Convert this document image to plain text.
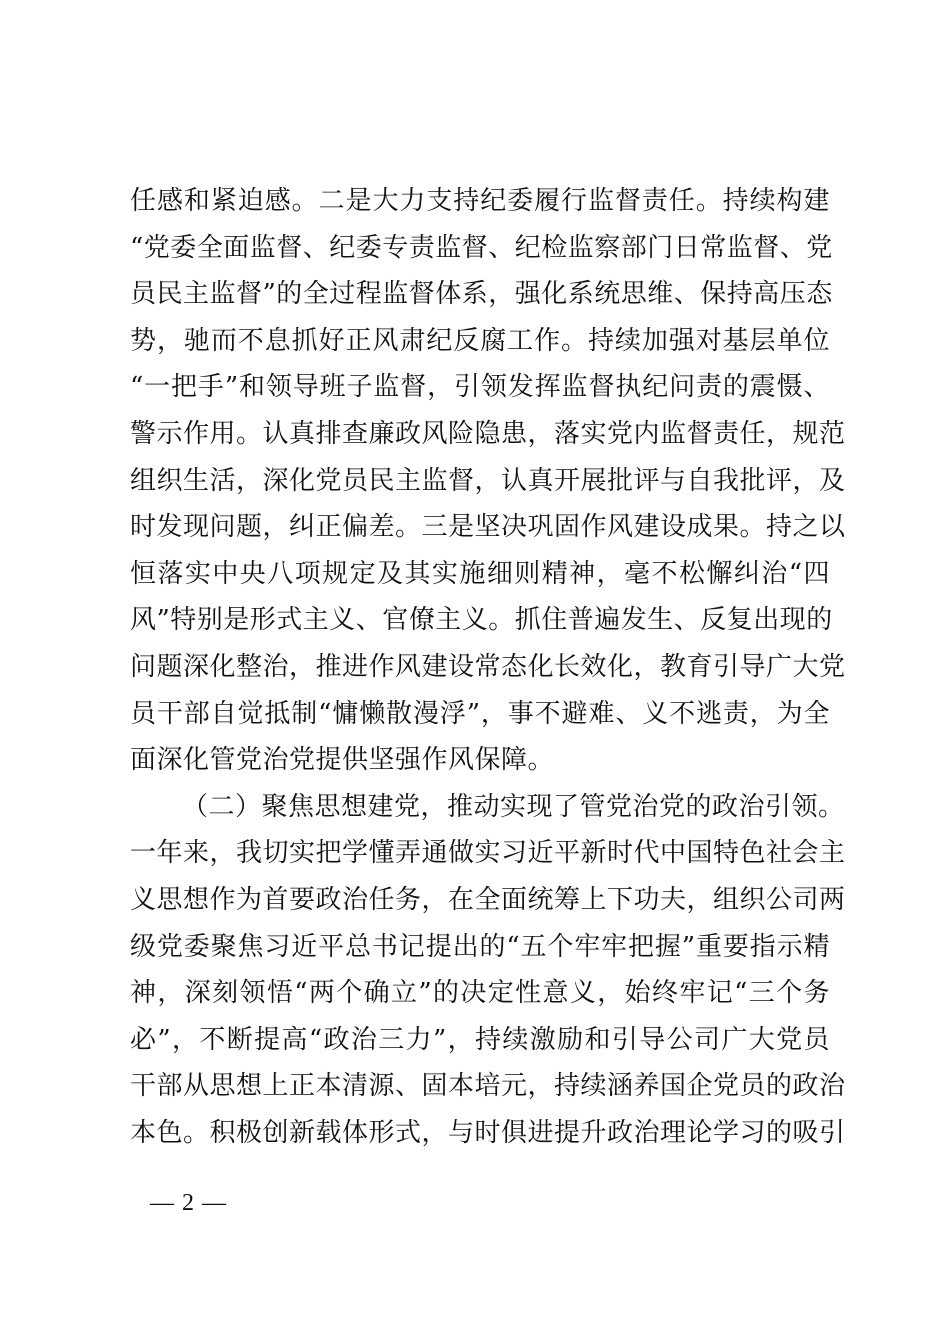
任感和紧迫感。二是大力支持纪委履行监督责任。持续构建
“党委全面监督、纪委专责监督、纪检监察部门日常监督、党
员民主监督”的全过程监督体系，强化系统思维、保持高压态
势，驰而不息抓好正风肃纪反腐工作。持续加强对基层单位
“一把手”和领导班子监督，引领发挥监督执纪问责的震慑、
警示作用。认真排查廉政风险隐患，落实党内监督责任，规范
组织生活，深化党员民主监督，认真开展批评与自我批评，及
时发现问题，纠正偏差。三是坚决巩固作风建设成果。持之以
恒落实中央八项规定及其实施细则精神，毫不松懈纠治“四
风”特别是形式主义、官僚主义。抓住普遍发生、反复出现的
问题深化整治，推进作风建设常态化长效化，教育引导广大党
员干部自觉抵制“慵懒散漫浮”，事不避难、义不逃责，为全
面深化管党治党提供坚强作风保障。
（二）聚焦思想建党，推动实现了管党治党的政治引领。
一年来，我切实把学懂弄通做实习近平新时代中国特色社会主
义思想作为首要政治任务，在全面统筹上下功夫，组织公司两
级党委聚焦习近平总书记提出的“五个牢牢把握”重要指示精
神，深刻领悟“两个确立”的决定性意义，始终牢记“三个务
必”，不断提高“政治三力”，持续激励和引导公司广大党员
干部从思想上正本清源、固本培元，持续涵养国企党员的政治
本色。积极创新载体形式，与时俱进提升政治理论学习的吸引
— 2 —
